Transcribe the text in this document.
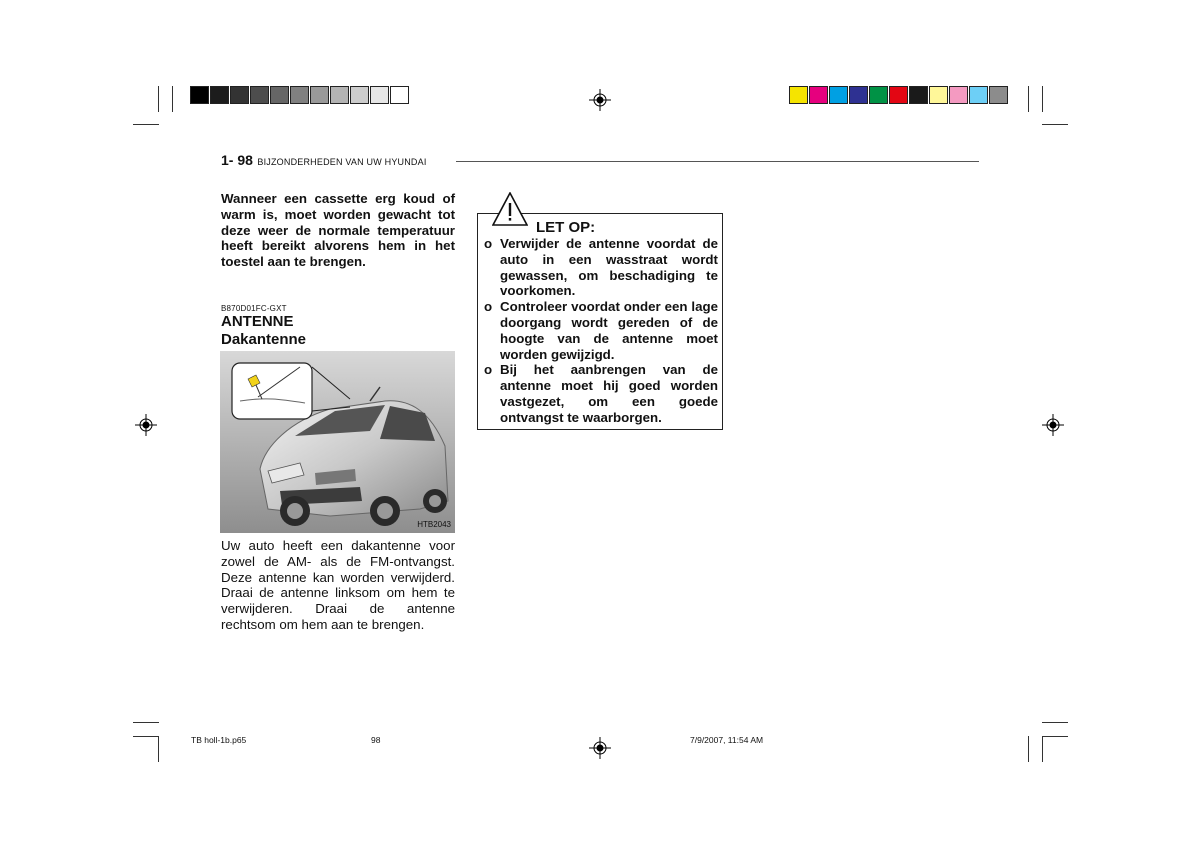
1- 98 BIJZONDERHEDEN VAN UW HYUNDAI
Wanneer een cassette erg koud of warm is, moet worden gewacht tot deze weer de normale temperatuur heeft bereikt alvorens hem in het toestel aan te brengen.
B870D01FC-GXT
ANTENNE
Dakantenne
HTB2043
Uw auto heeft een dakantenne voor zowel de AM- als de FM-ontvangst. Deze antenne kan worden verwijderd. Draai de antenne linksom om hem te verwijderen. Draai de antenne rechtsom om hem aan te brengen.
LET OP:
o Verwijder de antenne voordat de auto in een wasstraat wordt gewassen, om beschadiging te voorkomen.
o Controleer voordat onder een lage doorgang wordt gereden of de hoogte van de antenne moet worden gewijzigd.
o Bij het aanbrengen van de antenne moet hij goed worden vastgezet, om een goede ontvangst te waarborgen.
TB holl-1b.p65	98	7/9/2007, 11:54 AM
